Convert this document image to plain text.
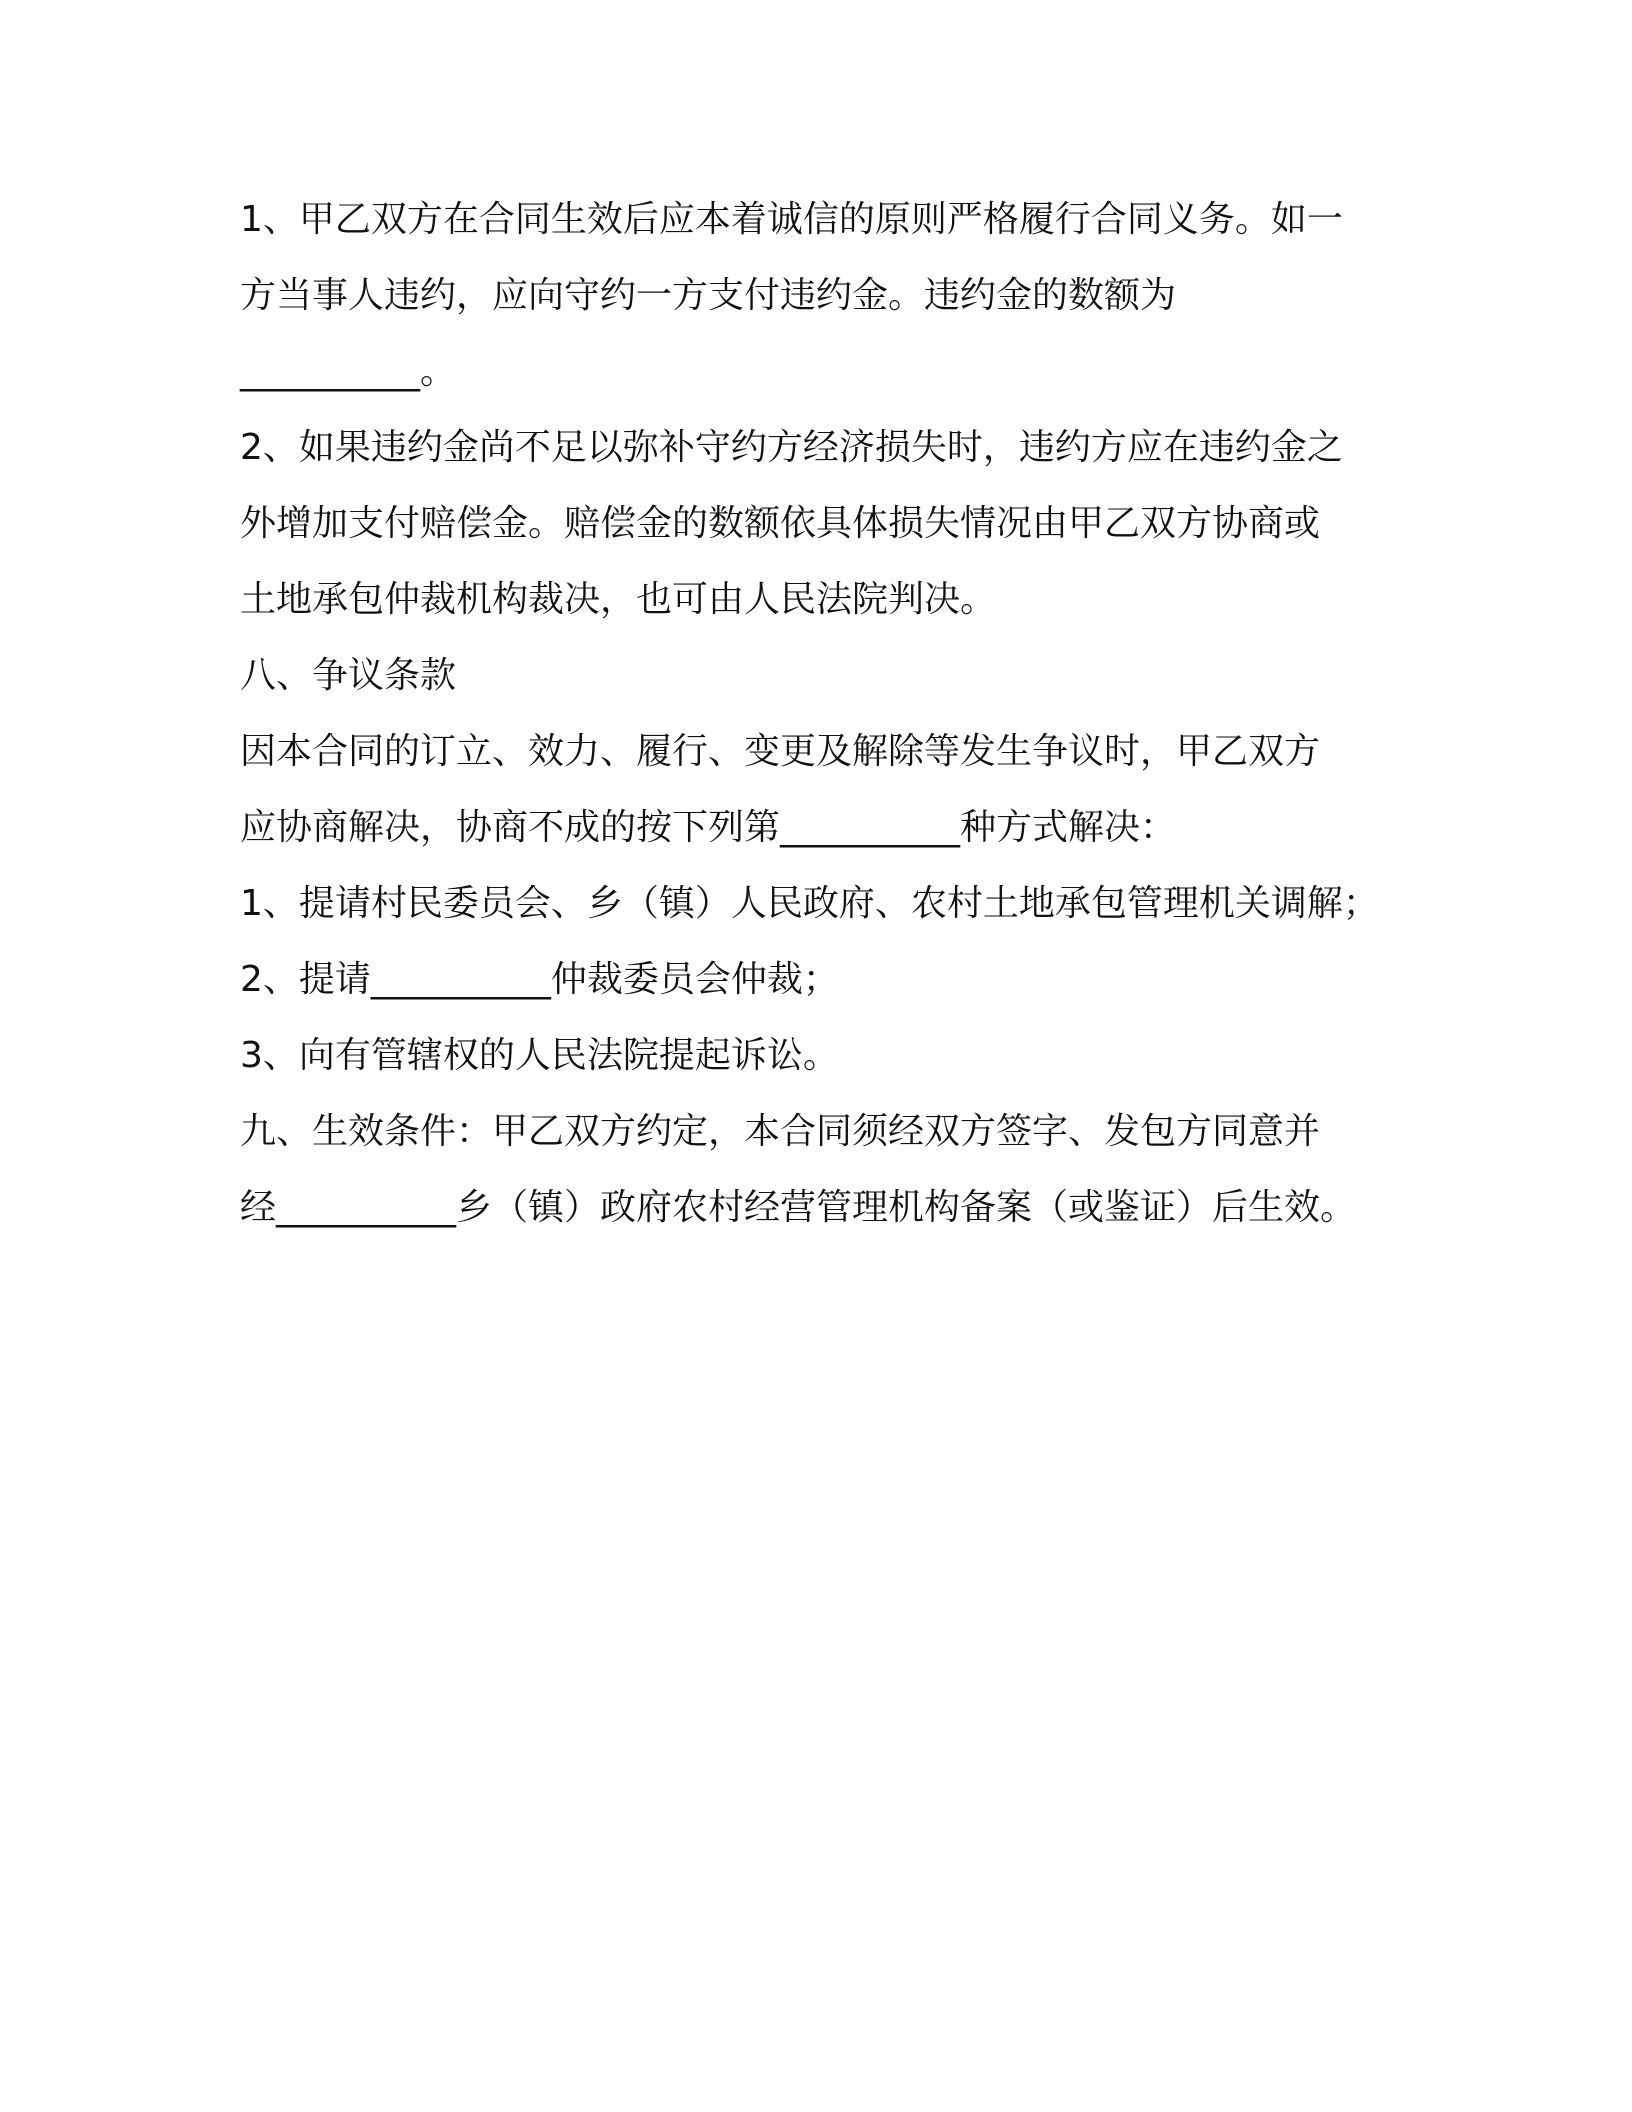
1、甲乙双方在合同生效后应本着诚信的原则严格履行合同义务。如一
方当事人违约，应向守约一方支付违约金。违约金的数额为
__________。
2、如果违约金尚不足以弥补守约方经济损失时，违约方应在违约金之
外增加支付赔偿金。赔偿金的数额依具体损失情况由甲乙双方协商或
土地承包仲裁机构裁决，也可由人民法院判决。
八、争议条款
因本合同的订立、效力、履行、变更及解除等发生争议时，甲乙双方
应协商解决，协商不成的按下列第__________种方式解决：
1、提请村民委员会、乡（镇）人民政府、农村土地承包管理机关调解；
2、提请__________仲裁委员会仲裁；
3、向有管辖权的人民法院提起诉讼。
九、生效条件：甲乙双方约定，本合同须经双方签字、发包方同意并
经__________乡（镇）政府农村经营管理机构备案（或鉴证）后生效。
